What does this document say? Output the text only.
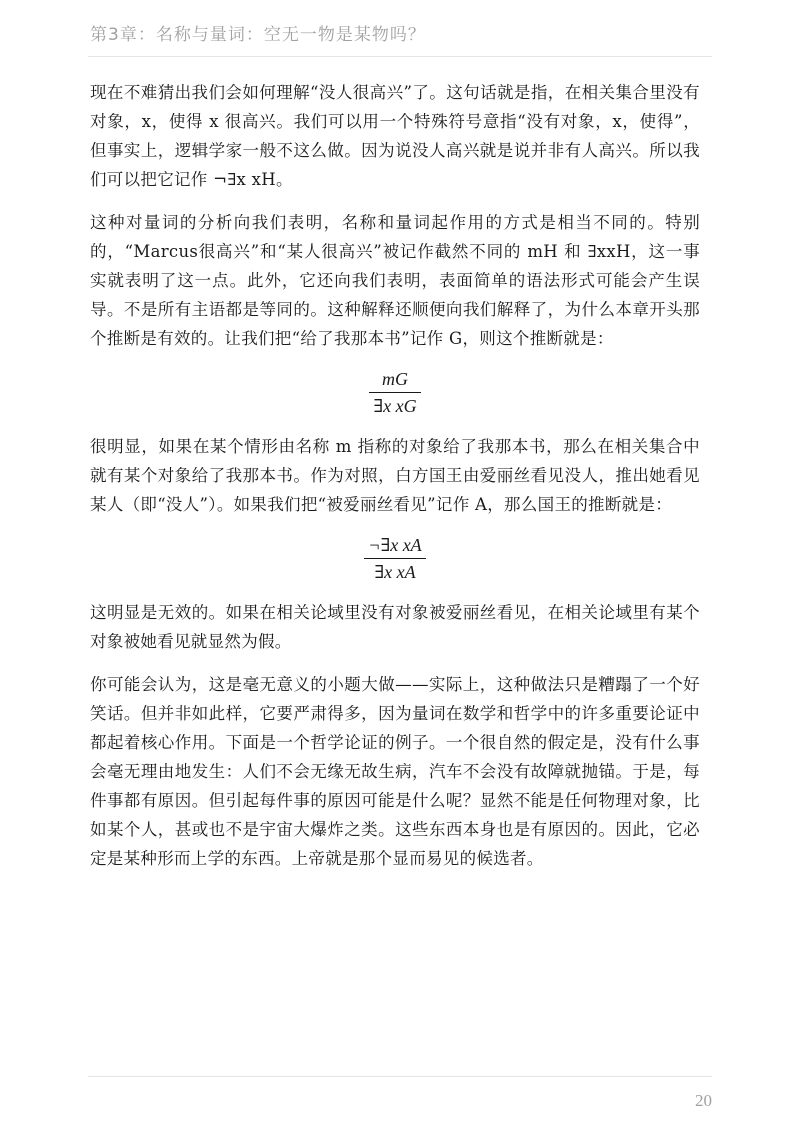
第3章：名称与量词：空无一物是某物吗？

现在不难猜出我们会如何理解“没人很高兴”了。这句话就是指，在相关集合里没有对象，x，使得 x 很高兴。我们可以用一个特殊符号意指“没有对象，x，使得”，但事实上，逻辑学家一般不这么做。因为说没人高兴就是说并非有人高兴。所以我们可以把它记作 ¬∃x xH。

这种对量词的分析向我们表明，名称和量词起作用的方式是相当不同的。特别的，“Marcus很高兴”和“某人很高兴”被记作截然不同的 mH 和 ∃xxH，这一事实就表明了这一点。此外，它还向我们表明，表面简单的语法形式可能会产生误导。不是所有主语都是等同的。这种解释还顺便向我们解释了，为什么本章开头那个推断是有效的。让我们把“给了我那本书”记作 G，则这个推断就是：

$\frac{mG}{\text{∃x xG}}$

很明显，如果在某个情形由名称 m 指称的对象给了我那本书，那么在相关集合中就有某个对象给了我那本书。作为对照，白方国王由爱丽丝看见没人，推出她看见某人（即“没人”）。如果我们把“被爱丽丝看见”记作 A，那么国王的推断就是：

$\frac{\text{¬∃x xA}}{\text{∃x xA}}$

这明显是无效的。如果在相关论域里没有对象被爱丽丝看见，在相关论域里有某个对象被她看见就显然为假。

你可能会认为，这是毫无意义的小题大做——实际上，这种做法只是糟蹋了一个好笑话。但并非如此样，它要严肃得多，因为量词在数学和哲学中的许多重要论证中都起着核心作用。下面是一个哲学论证的例子。一个很自然的假定是，没有什么事会毫无理由地发生：人们不会无缘无故生病，汽车不会没有故障就抛锚。于是，每件事都有原因。但引起每件事的原因可能是什么呢？显然不能是任何物理对象，比如某个人，甚或也不是宇宙大爆炸之类。这些东西本身也是有原因的。因此，它必定是某种形而上学的东西。上帝就是那个显而易见的候选者。

20
